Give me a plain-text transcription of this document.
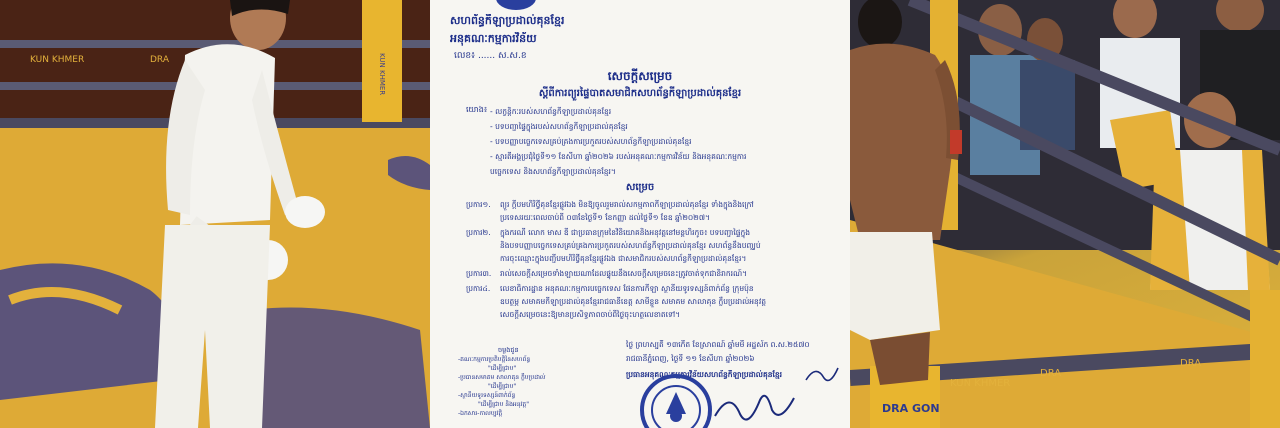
KUN KHMER	DRA	KUN KHMER
សហព័ន្ធកីឡាប្រដាល់គុនខ្មែរ
អនុគណៈកម្មការវិន័យ
លេខ៖ ...... ស.ស.ខ
សេចក្តីសម្រេច
ស្តីពីការព្យួរផ្ទៃបាតសមាជិកសហព័ន្ធកីឡាប្រដាល់គុនខ្មែរ
យោង៖ - លក្ខន្តិកៈរបស់សហព័ន្ធកីឡាប្រដាល់គុនខ្មែរ
- បទបញ្ជាផ្ទៃក្នុងរបស់សហព័ន្ធកីឡាប្រដាល់គុនខ្មែរ
- បទបញ្ញាបច្ចេកទេសគ្រប់គ្រងការប្រកួតរបស់សហព័ន្ធកីឡាប្រដាល់គុនខ្មែរ
- ស្មារតីអង្គប្រជុំថ្ងៃទី១១ ខែសីហា ឆ្នាំ២០២៦ របស់អនុគណៈកម្មការវិន័យ និងអនុគណៈកម្មការ
បច្ចេកទេស និងសហព័ន្ធកីឡាប្រដាល់គុនខ្មែរ។
សម្រេច
ប្រការ១.	ព្យួរ ក្តីបមហិរិថ្វីគុនខ្មែរផ្លូវឯង មិនឱ្យចូលរួមរាល់សកម្មភាពកីឡាប្រដាល់គុនខ្មែរ ទាំងក្នុងនិងក្រៅ
ប្រទេសរយៈពេលចាប់ពី ០៣ខែថ្ងៃទី១ ខែកញ្ញា ដល់ថ្ងៃទី១ ខែឧ ឆ្នាំ២០២៧។
ប្រការ២.	ក្នុងករណី លោក មាស ឌី ជាប្រធានក្រុមនៃវិនិយោគនិងអនុវត្តនៅមន្តហិរកូច៖ បទបញ្ជាផ្ទៃក្នុង
និងបទបញ្ញាបច្ចេកទេសគ្រប់គ្រងការប្រកួតរបស់សហព័ន្ធកីឡាប្រដាល់គុនខ្មែរ សហព័ន្ធនឹងបញ្ឈប់
ការចុះឈ្មោះក្នុងបញ្ជីបមហិរិថ្វីគុនខ្មែរផ្លូវឯង ជាសមាជិករបស់សហព័ន្ធកីឡាប្រដាល់គុនខ្មែរ។
ប្រការ៣.	រាល់សេចក្តីសម្រេចទាំងឡាយណាដែលផ្ទុយនឹងសេចក្តីសម្រេចនេះត្រូវចាត់ទុកជានិរាករណ៍។
ប្រការ៤.	លេខាធិការដ្ឋាន អនុគណៈកម្មការបច្ចេកទេស ផែនការកីឡា ស្ថានីយទូរទស្សន៍ពាក់ព័ន្ធ ក្រុមប៉ុន
ឧបត្ថម្ភ សមាគមកីឡាប្រដាល់គុនខ្មែររាជធានីខេត្ត សាមីខ្លួន សមាគម សាលាគុន ក្លឹបប្រដាល់អនុវត្ត
សេចក្តីសម្រេចនេះឱ្យមានប្រសិទ្ធភាពចាប់ពីថ្ងៃចុះហត្ថលេខាតទៅ។
ថ្ងៃ ព្រហស្បតិ៍ ១៣កើត ខែស្រាពណ៍ ឆ្នាំមមី អដ្ឋស័ក ព.ស.២៥៧០
រាជធានីភ្នំពេញ, ថ្ងៃទី ១១ ខែសីហា ឆ្នាំ២០២៦
ប្រធានអនុគណៈកម្មការវិន័យសហព័ន្ធកីឡាប្រដាល់គុនខ្មែរ
ចម្លងជូន
-គណៈកម្មការប្រតិបត្តិនៃសហព័ន្ធ
"ដើម្បីជ្រាប"
-ប្រធានសមាគម សាលាគុន ក្លឹបប្រដាល់
"ដើម្បីជ្រាប"
-ស្ថានីយទូរទស្សន៍ពាក់ព័ន្ធ
"ដើម្បីជ្រាប និងអនុវត្ត"
-ឯកសារ-កាលប្បវត្តិ
KUN KHMER
DRA
DRA
DRA GON
